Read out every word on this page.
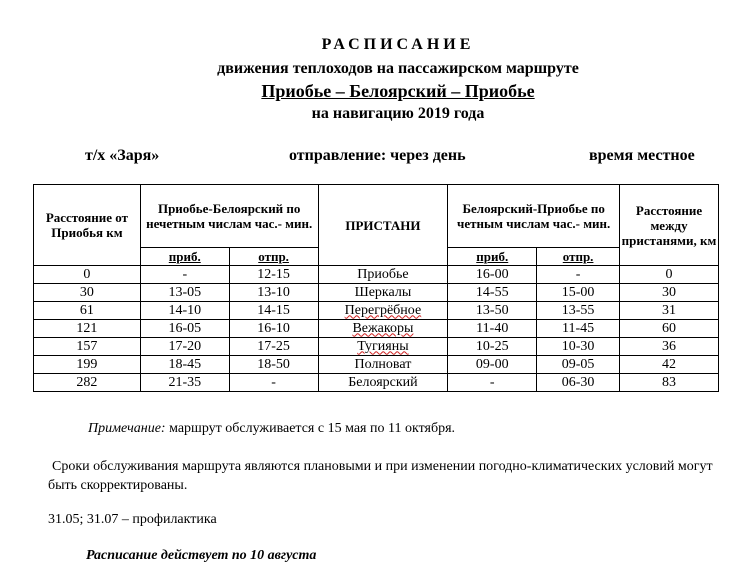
РАСПИСАНИЕ
движения теплоходов на пассажирском маршруте
Приобье – Белоярский – Приобье
на навигацию 2019 года
т/х «Заря»	отправление: через день	время местное
Расстояние от Приобья км	Приобье-Белоярский по нечетным числам час.- мин.		ПРИСТАНИ	Белоярский-Приобье по четным числам час.- мин.		Расстояние между пристанями, км
	приб.	отпр.		приб.	отпр.	
0	-	12-15	Приобье	16-00	-	0
30	13-05	13-10	Шеркалы	14-55	15-00	30
61	14-10	14-15	Перегрёбное	13-50	13-55	31
121	16-05	16-10	Вежакоры	11-40	11-45	60
157	17-20	17-25	Тугияны	10-25	10-30	36
199	18-45	18-50	Полноват	09-00	09-05	42
282	21-35	-	Белоярский	-	06-30	83
Примечание: маршрут обслуживается с 15 мая по 11 октября.
Сроки обслуживания маршрута являются плановыми и при изменении погодно-климатических условий могут быть скорректированы.
31.05; 31.07 – профилактика
Расписание действует по 10 августа
